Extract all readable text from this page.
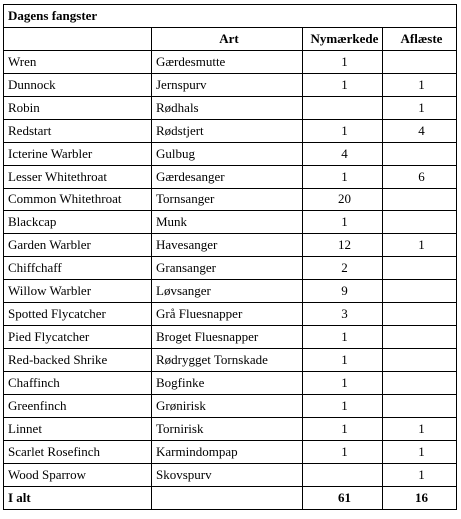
Dagens fangster			
	Art	Nymærkede	Aflæste
Wren	Gærdesmutte	1	
Dunnock	Jernspurv	1	1
Robin	Rødhals		1
Redstart	Rødstjert	1	4
Icterine Warbler	Gulbug	4	
Lesser Whitethroat	Gærdesanger	1	6
Common Whitethroat	Tornsanger	20	
Blackcap	Munk	1	
Garden Warbler	Havesanger	12	1
Chiffchaff	Gransanger	2	
Willow Warbler	Løvsanger	9	
Spotted Flycatcher	Grå Fluesnapper	3	
Pied Flycatcher	Broget Fluesnapper	1	
Red-backed Shrike	Rødrygget Tornskade	1	
Chaffinch	Bogfinke	1	
Greenfinch	Grønirisk	1	
Linnet	Tornirisk	1	1
Scarlet Rosefinch	Karmindompap	1	1
Wood Sparrow	Skovspurv		1
I alt		61	16
